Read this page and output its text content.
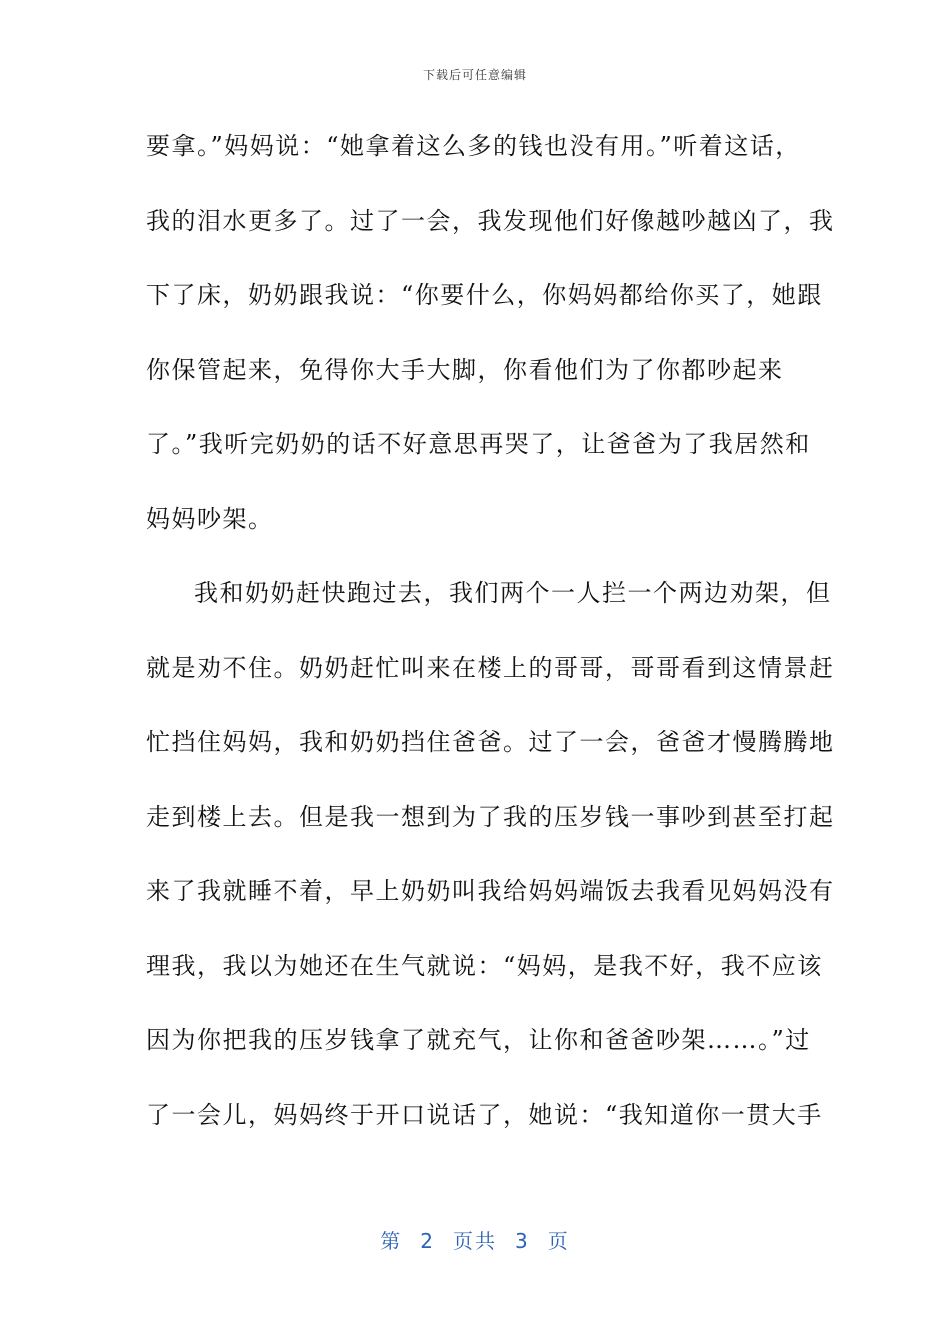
下载后可任意编辑
要拿。”妈妈说：“她拿着这么多的钱也没有用。”听着这话，
我的泪水更多了。过了一会，我发现他们好像越吵越凶了，我
下了床，奶奶跟我说：“你要什么，你妈妈都给你买了，她跟
你保管起来，免得你大手大脚，你看他们为了你都吵起来
了。”我听完奶奶的话不好意思再哭了，让爸爸为了我居然和
妈妈吵架。
我和奶奶赶快跑过去，我们两个一人拦一个两边劝架，但
就是劝不住。奶奶赶忙叫来在楼上的哥哥，哥哥看到这情景赶
忙挡住妈妈，我和奶奶挡住爸爸。过了一会，爸爸才慢腾腾地
走到楼上去。但是我一想到为了我的压岁钱一事吵到甚至打起
来了我就睡不着，早上奶奶叫我给妈妈端饭去我看见妈妈没有
理我，我以为她还在生气就说：“妈妈，是我不好，我不应该
因为你把我的压岁钱拿了就充气，让你和爸爸吵架……。”过
了一会儿，妈妈终于开口说话了，她说：“我知道你一贯大手
第 2 页共 3 页
